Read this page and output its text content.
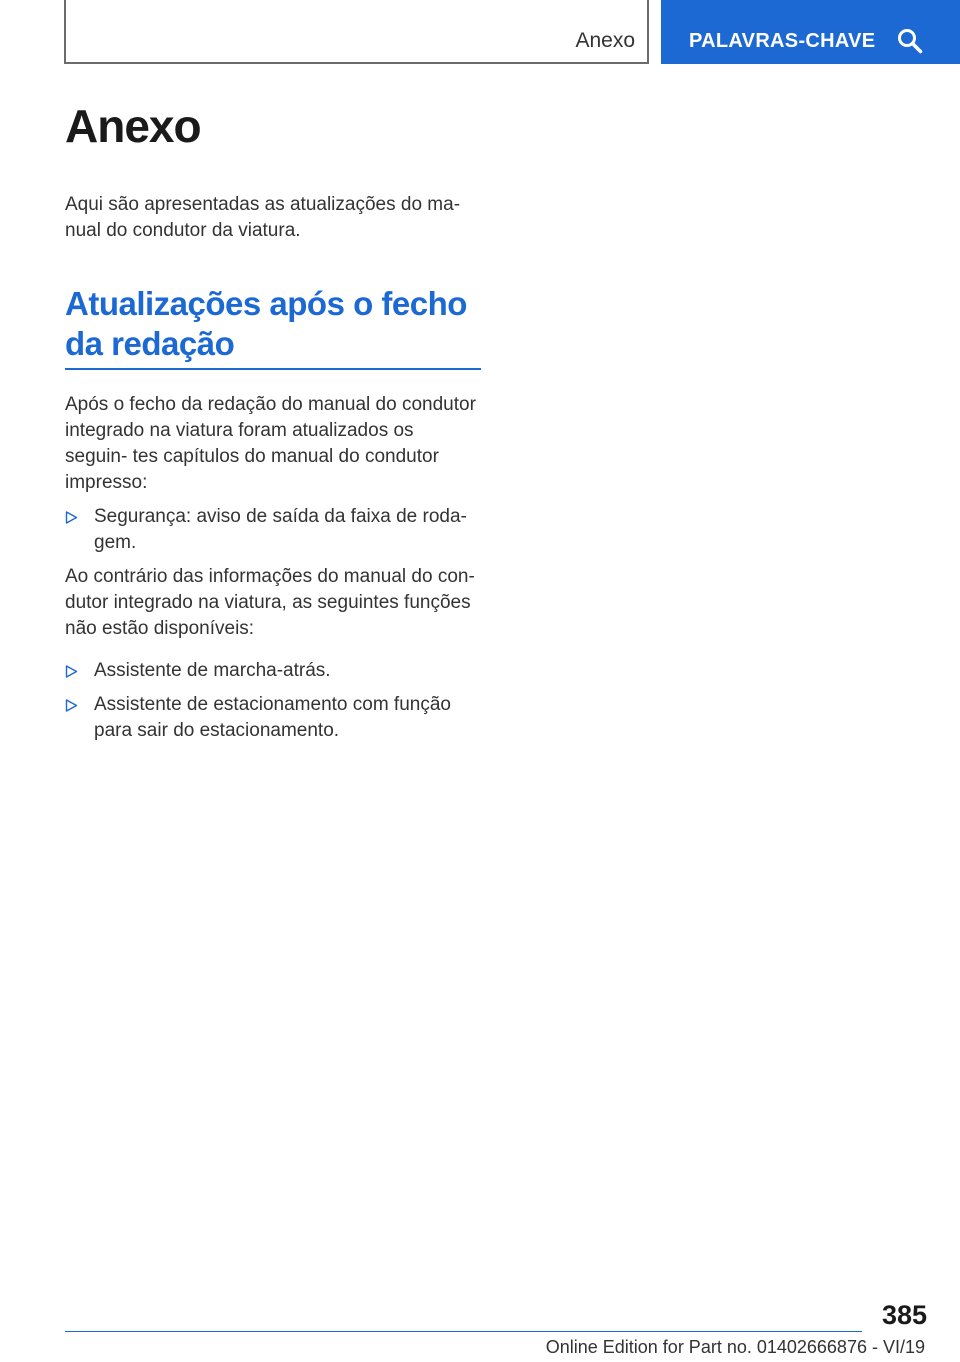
Anexo	PALAVRAS-CHAVE
Anexo

Aqui são apresentadas as atualizações do ma‐ nual do condutor da viatura.

Atualizações após o fecho da redação

Após o fecho da redação do manual do condutor integrado na viatura foram atualizados os seguin‐ tes capítulos do manual do condutor impresso:

Segurança: aviso de saída da faixa de roda‐ gem.

Ao contrário das informações do manual do con‐ dutor integrado na viatura, as seguintes funções não estão disponíveis:

Assistente de marcha-atrás.
Assistente de estacionamento com função para sair do estacionamento.
385
Online Edition for Part no. 01402666876 - VI/19
